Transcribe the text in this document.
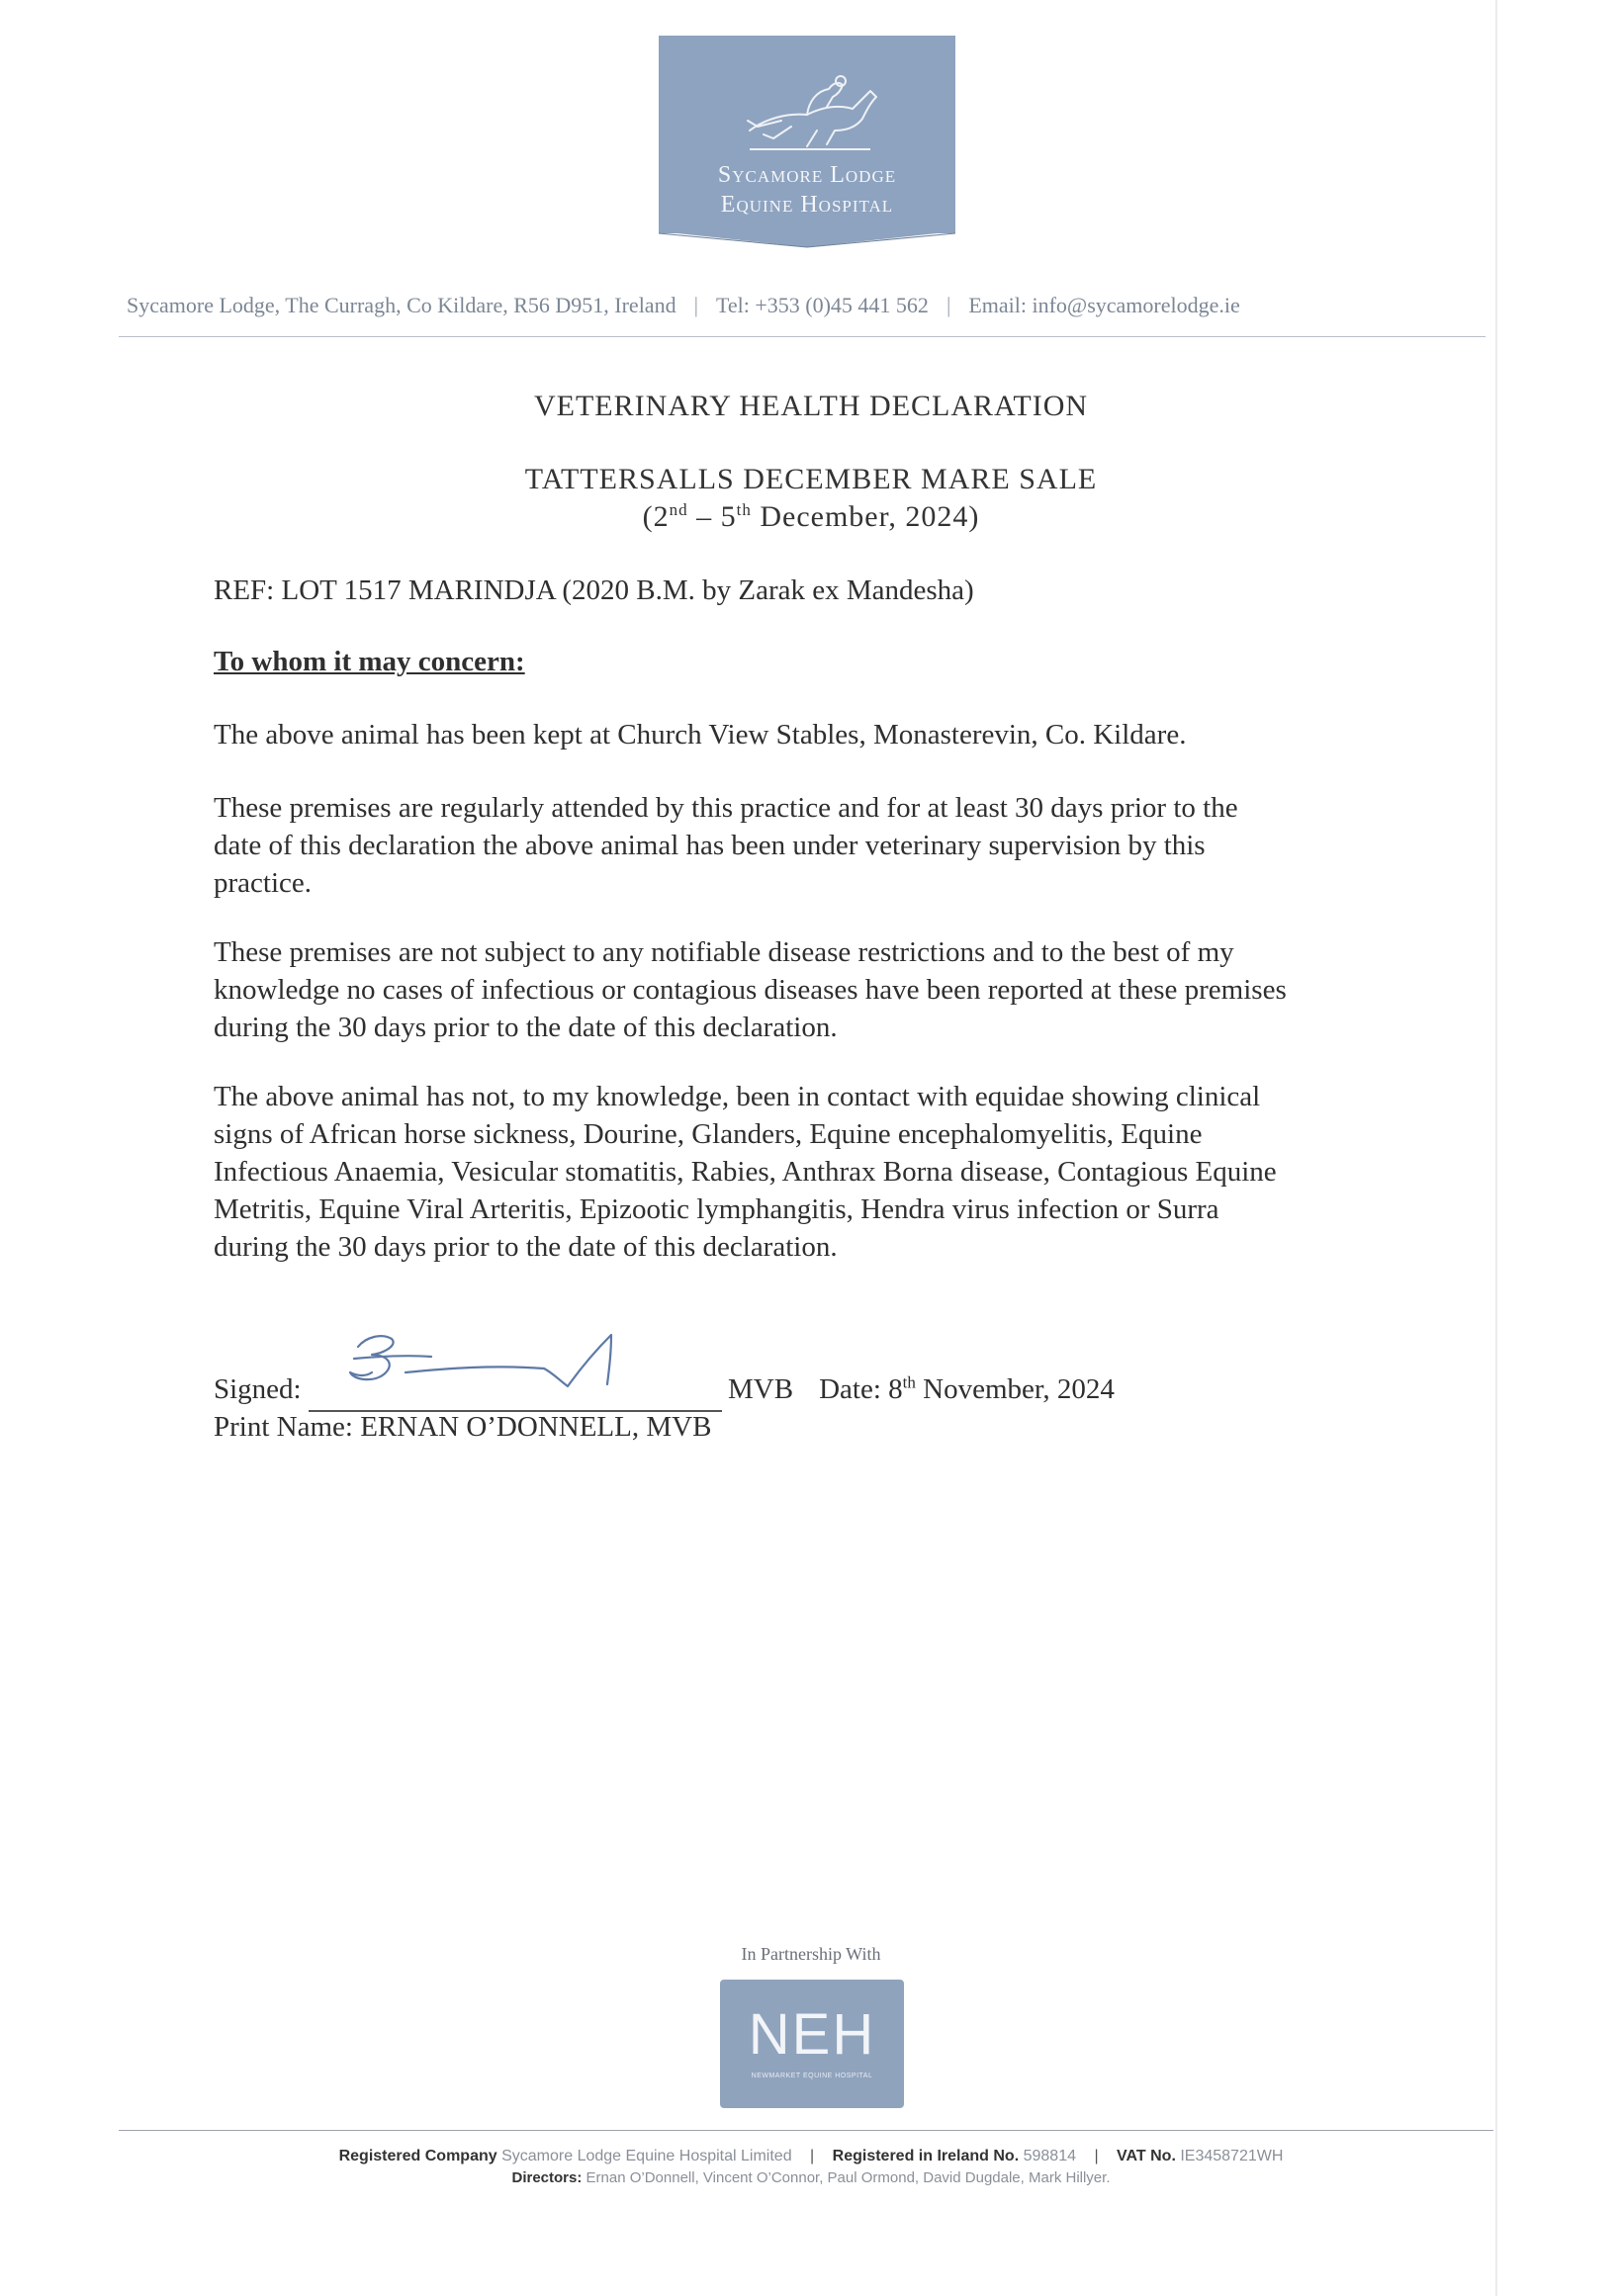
Sycamore Lodge
Equine Hospital
Sycamore Lodge, The Curragh, Co Kildare, R56 D951, Ireland | Tel: +353 (0)45 441 562 | Email: info@sycamorelodge.ie
VETERINARY HEALTH DECLARATION
TATTERSALLS DECEMBER MARE SALE
(2nd – 5th December, 2024)
REF: LOT 1517 MARINDJA (2020 B.M. by Zarak ex Mandesha)
To whom it may concern:
The above animal has been kept at Church View Stables, Monasterevin, Co. Kildare.
These premises are regularly attended by this practice and for at least 30 days prior to the
date of this declaration the above animal has been under veterinary supervision by this
practice.
These premises are not subject to any notifiable disease restrictions and to the best of my
knowledge no cases of infectious or contagious diseases have been reported at these premises
during the 30 days prior to the date of this declaration.
The above animal has not, to my knowledge, been in contact with equidae showing clinical
signs of African horse sickness, Dourine, Glanders, Equine encephalomyelitis, Equine
Infectious Anaemia, Vesicular stomatitis, Rabies, Anthrax Borna disease, Contagious Equine
Metritis, Equine Viral Arteritis, Epizootic lymphangitis, Hendra virus infection or Surra
during the 30 days prior to the date of this declaration.
Signed:	MVB Date: 8th November, 2024
Print Name: ERNAN O’DONNELL, MVB
In Partnership With
NEH
NEWMARKET EQUINE HOSPITAL
Registered Company Sycamore Lodge Equine Hospital Limited | Registered in Ireland No. 598814 | VAT No. IE3458721WH
Directors: Ernan O’Donnell, Vincent O’Connor, Paul Ormond, David Dugdale, Mark Hillyer.
